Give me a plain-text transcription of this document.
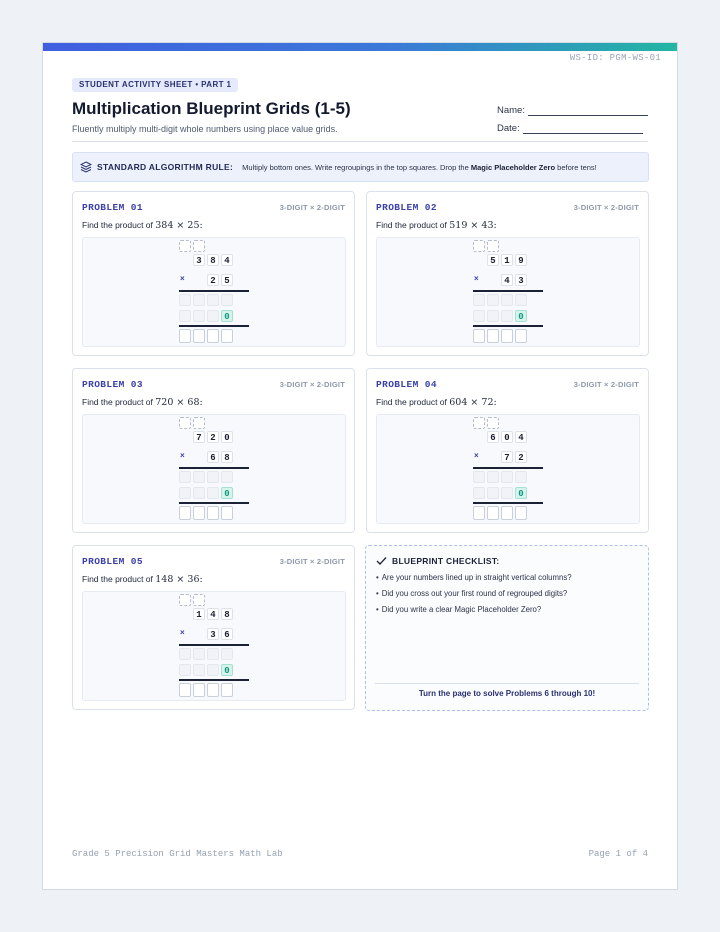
WS-ID: PGM-WS-01
STUDENT ACTIVITY SHEET • PART 1
Multiplication Blueprint Grids (1-5)
Fluently multiply multi-digit whole numbers using place value grids.
Name:
Date:
STANDARD ALGORITHM RULE: Multiply bottom ones. Write regroupings in the top squares. Drop the Magic Placeholder Zero before tens!
PROBLEM 01	3-DIGIT × 2-DIGIT
Find the product of 384 × 25:
3 8 4
×	2 5
0
PROBLEM 02	3-DIGIT × 2-DIGIT
Find the product of 519 × 43:
5 1 9
×	4 3
0
PROBLEM 03	3-DIGIT × 2-DIGIT
Find the product of 720 × 68:
7 2 0
×	6 8
0
PROBLEM 04	3-DIGIT × 2-DIGIT
Find the product of 604 × 72:
6 0 4
×	7 2
0
PROBLEM 05	3-DIGIT × 2-DIGIT
Find the product of 148 × 36:
1 4 8
×	3 6
0
BLUEPRINT CHECKLIST:
• Are your numbers lined up in straight vertical columns?
• Did you cross out your first round of regrouped digits?
• Did you write a clear Magic Placeholder Zero?
Turn the page to solve Problems 6 through 10!
Grade 5 Precision Grid Masters Math Lab	Page 1 of 4
